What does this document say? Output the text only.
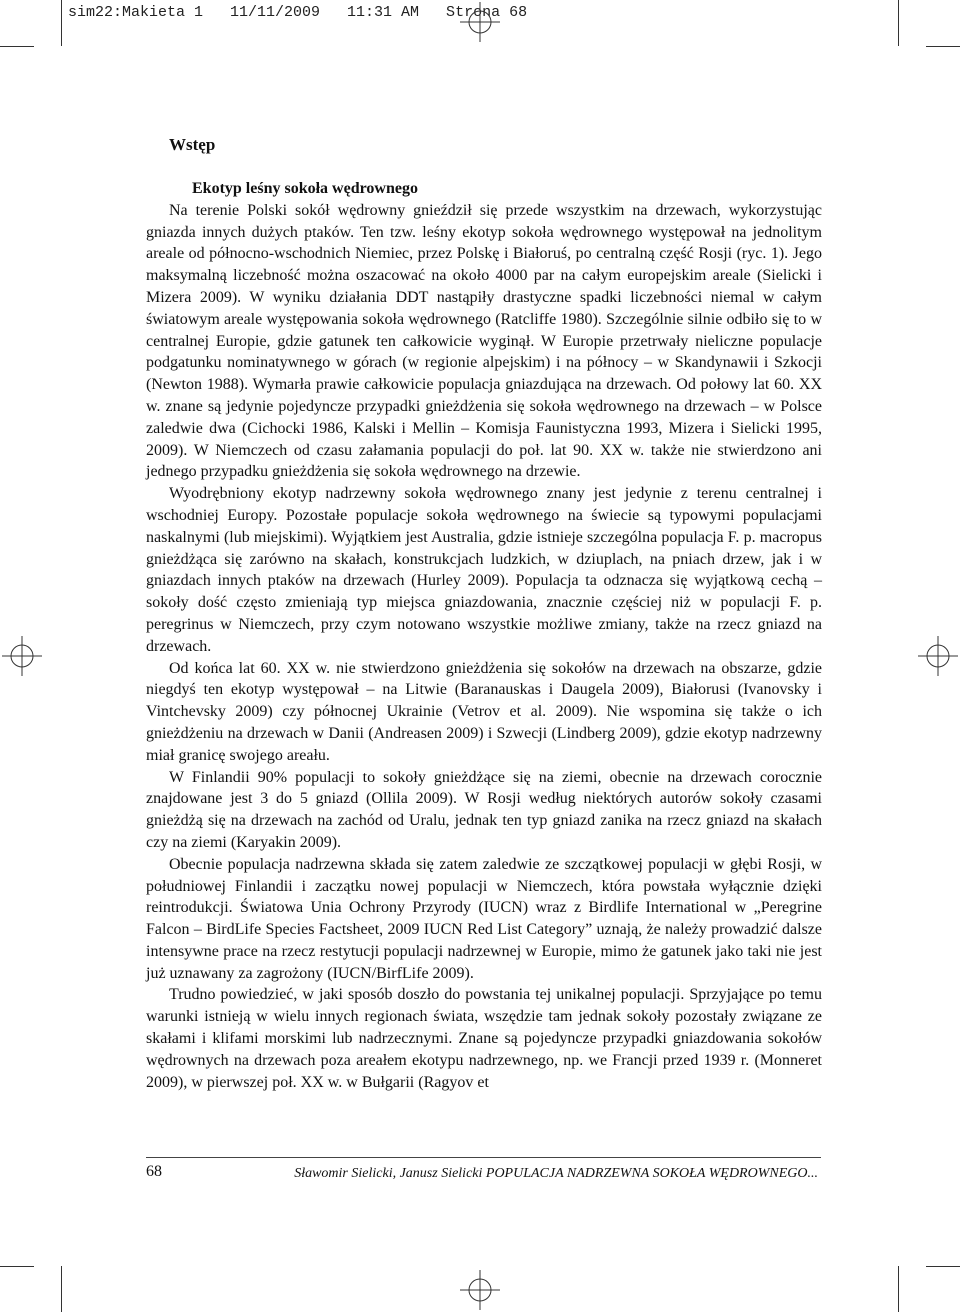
sim22:Makieta 1   11/11/2009   11:31 AM   Strona 68
Wstęp

Ekotyp leśny sokoła wędrownego

Na terenie Polski sokół wędrowny gnieździł się przede wszystkim na drzewach, wykorzystując gniazda innych dużych ptaków. Ten tzw. leśny ekotyp sokoła wędrownego występował na jednolitym areale od północno-wschodnich Niemiec, przez Polskę i Białoruś, po centralną część Rosji (ryc. 1). Jego maksymalną liczebność można oszacować na około 4000 par na całym europejskim areale (Sielicki i Mizera 2009). W wyniku działania DDT nastąpiły drastyczne spadki liczebności niemal w całym światowym areale występowania sokoła wędrownego (Ratcliffe 1980). Szczególnie silnie odbiło się to w centralnej Europie, gdzie gatunek ten całkowicie wyginął. W Europie przetrwały nieliczne populacje podgatunku nominatywnego w górach (w regionie alpejskim) i na północy – w Skandynawii i Szkocji (Newton 1988). Wymarła prawie całkowicie populacja gniazdująca na drzewach. Od połowy lat 60. XX w. znane są jedynie pojedyncze przypadki gnieżdżenia się sokoła wędrownego na drzewach – w Polsce zaledwie dwa (Cichocki 1986, Kalski i Mellin – Komisja Faunistyczna 1993, Mizera i Sielicki 1995, 2009). W Niemczech od czasu załamania populacji do poł. lat 90. XX w. także nie stwierdzono ani jednego przypadku gnieżdżenia się sokoła wędrownego na drzewie.

Wyodrębniony ekotyp nadrzewny sokoła wędrownego znany jest jedynie z terenu centralnej i wschodniej Europy. Pozostałe populacje sokoła wędrownego na świecie są typowymi populacjami naskalnymi (lub miejskimi). Wyjątkiem jest Australia, gdzie istnieje szczególna populacja F. p. macropus gnieżdżąca się zarówno na skałach, konstrukcjach ludzkich, w dziuplach, na pniach drzew, jak i w gniazdach innych ptaków na drzewach (Hurley 2009). Populacja ta odznacza się wyjątkową cechą – sokoły dość często zmieniają typ miejsca gniazdowania, znacznie częściej niż w populacji F. p. peregrinus w Niemczech, przy czym notowano wszystkie możliwe zmiany, także na rzecz gniazd na drzewach.

Od końca lat 60. XX w. nie stwierdzono gnieżdżenia się sokołów na drzewach na obszarze, gdzie niegdyś ten ekotyp występował – na Litwie (Baranauskas i Daugela 2009), Białorusi (Ivanovsky i Vintchevsky 2009) czy północnej Ukrainie (Vetrov et al. 2009). Nie wspomina się także o ich gnieżdżeniu na drzewach w Danii (Andreasen 2009) i Szwecji (Lindberg 2009), gdzie ekotyp nadrzewny miał granicę swojego areału.

W Finlandii 90% populacji to sokoły gnieżdżące się na ziemi, obecnie na drzewach corocznie znajdowane jest 3 do 5 gniazd (Ollila 2009). W Rosji według niektórych autorów sokoły czasami gnieżdżą się na drzewach na zachód od Uralu, jednak ten typ gniazd zanika na rzecz gniazd na skałach czy na ziemi (Karyakin 2009).

Obecnie populacja nadrzewna składa się zatem zaledwie ze szczątkowej populacji w głębi Rosji, w południowej Finlandii i zaczątku nowej populacji w Niemczech, która powstała wyłącznie dzięki reintrodukcji. Światowa Unia Ochrony Przyrody (IUCN) wraz z Birdlife International w „Peregrine Falcon – BirdLife Species Factsheet, 2009 IUCN Red List Category” uznają, że należy prowadzić dalsze intensywne prace na rzecz restytucji populacji nadrzewnej w Europie, mimo że gatunek jako taki nie jest już uznawany za zagrożony (IUCN/BirfLife 2009).

Trudno powiedzieć, w jaki sposób doszło do powstania tej unikalnej populacji. Sprzyjające po temu warunki istnieją w wielu innych regionach świata, wszędzie tam jednak sokoły pozostały związane ze skałami i klifami morskimi lub nadrzecznymi. Znane są pojedyncze przypadki gniazdowania sokołów wędrownych na drzewach poza areałem ekotypu nadrzewnego, np. we Francji przed 1939 r. (Monneret 2009), w pierwszej poł. XX w. w Bułgarii (Ragyov et

68	Sławomir Sielicki, Janusz Sielicki POPULACJA NADRZEWNA SOKOŁA WĘDROWNEGO...
